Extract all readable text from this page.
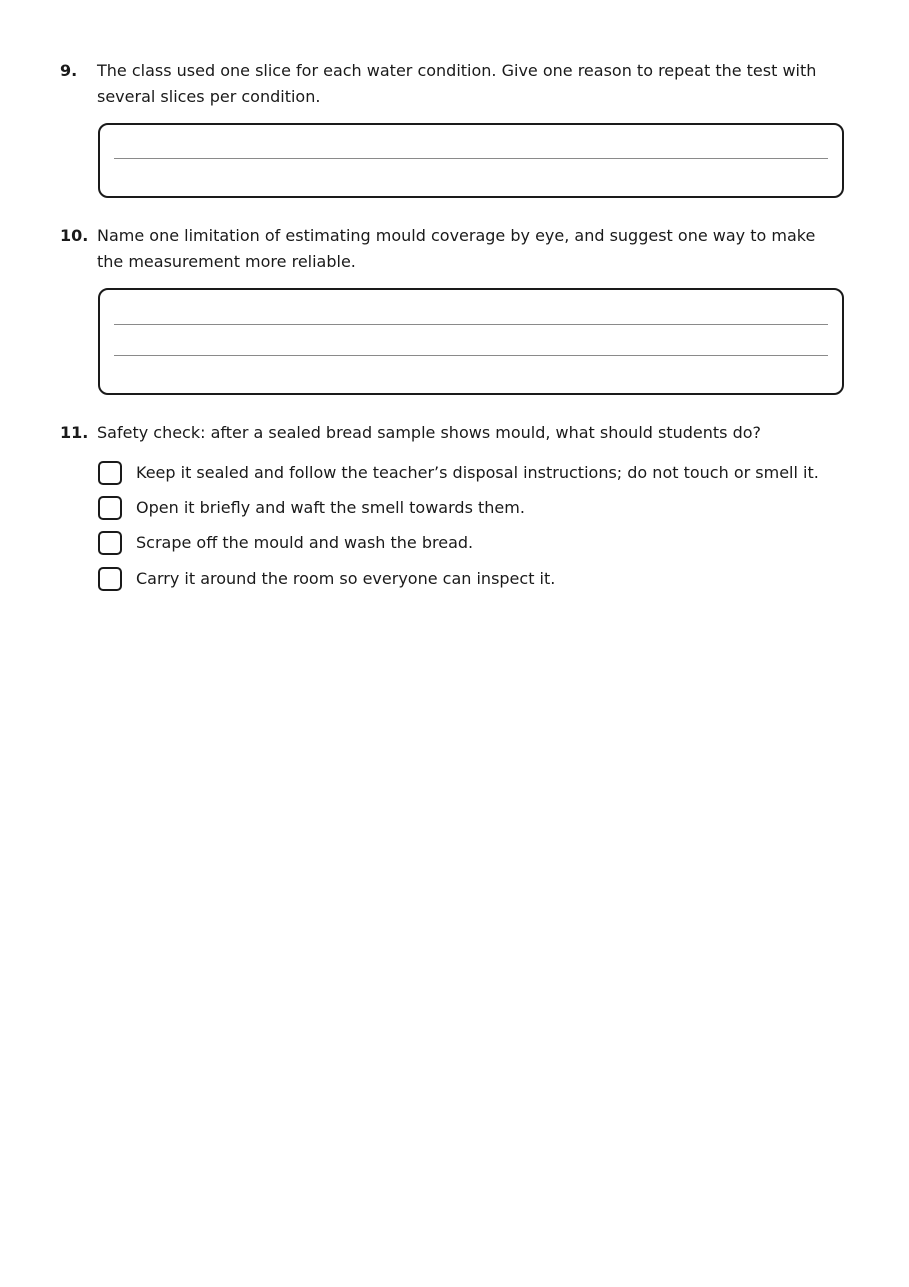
9.	The class used one slice for each water condition. Give one reason to repeat the test with several slices per condition.
10. Name one limitation of estimating mould coverage by eye, and suggest one way to make the measurement more reliable.
11. Safety check: after a sealed bread sample shows mould, what should students do?
Keep it sealed and follow the teacher’s disposal instructions; do not touch or smell it.
Open it briefly and waft the smell towards them.
Scrape off the mould and wash the bread.
Carry it around the room so everyone can inspect it.
